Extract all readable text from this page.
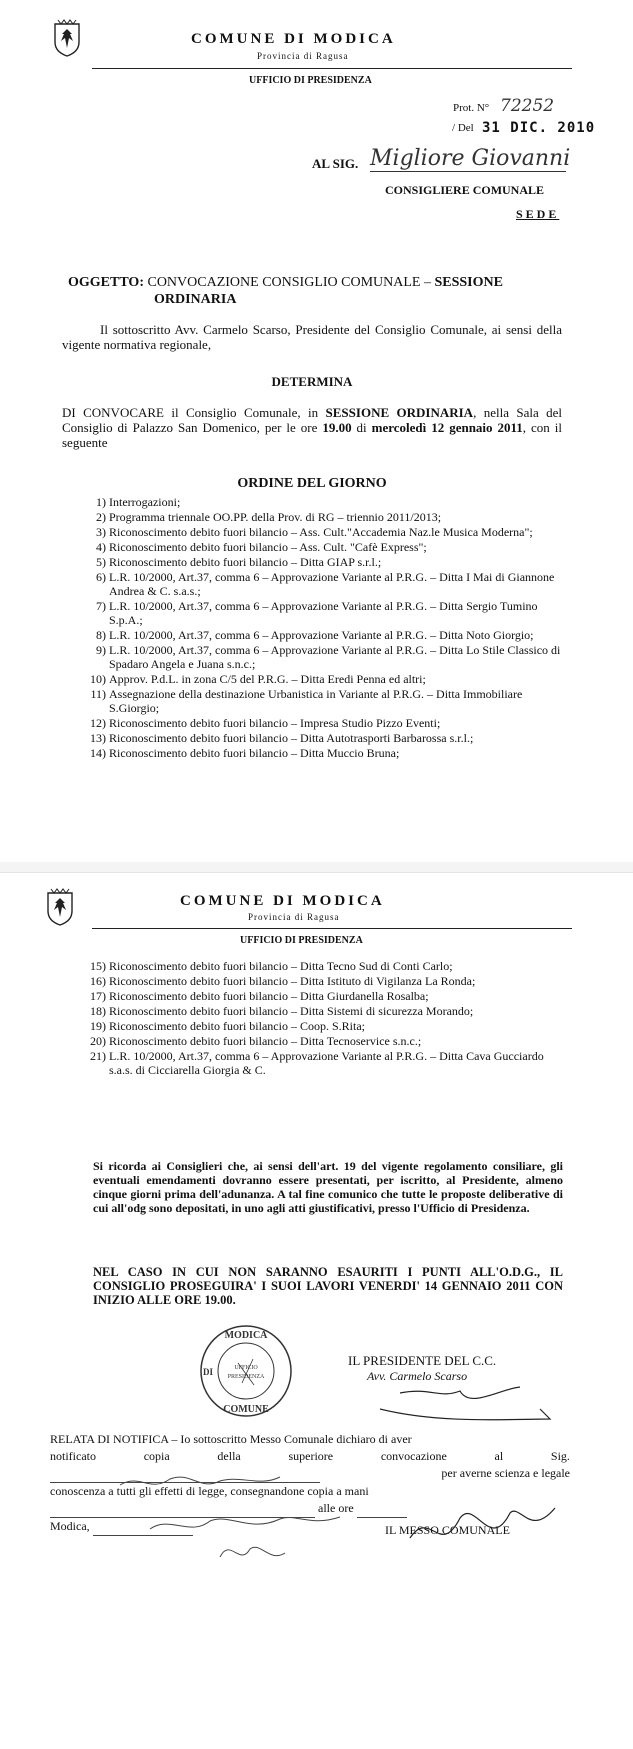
COMUNE DI MODICA
Provincia di Ragusa
UFFICIO DI PRESIDENZA
Prot. N° 72252
/ Del 31 DIC. 2010
AL SIG. Migliore Giovanni
CONSIGLIERE COMUNALE
SEDE
OGGETTO: CONVOCAZIONE CONSIGLIO COMUNALE – SESSIONE
ORDINARIA
Il sottoscritto Avv. Carmelo Scarso, Presidente del Consiglio Comunale, ai sensi della vigente normativa regionale,
DETERMINA
DI CONVOCARE il Consiglio Comunale, in SESSIONE ORDINARIA, nella Sala del Consiglio di Palazzo San Domenico, per le ore 19.00 di mercoledì 12 gennaio 2011, con il seguente
ORDINE DEL GIORNO
1) Interrogazioni;
2) Programma triennale OO.PP. della Prov. di RG – triennio 2011/2013;
3) Riconoscimento debito fuori bilancio – Ass. Cult."Accademia Naz.le Musica Moderna";
4) Riconoscimento debito fuori bilancio – Ass. Cult. "Cafè Express";
5) Riconoscimento debito fuori bilancio – Ditta GIAP s.r.l.;
6) L.R. 10/2000, Art.37, comma 6 – Approvazione Variante al P.R.G. – Ditta I Mai di Giannone Andrea & C. s.a.s.;
7) L.R. 10/2000, Art.37, comma 6 – Approvazione Variante al P.R.G. – Ditta Sergio Tumino S.p.A.;
8) L.R. 10/2000, Art.37, comma 6 – Approvazione Variante al P.R.G. – Ditta Noto Giorgio;
9) L.R. 10/2000, Art.37, comma 6 – Approvazione Variante al P.R.G. – Ditta Lo Stile Classico di Spadaro Angela e Juana s.n.c.;
10) Approv. P.d.L. in zona C/5 del P.R.G. – Ditta Eredi Penna ed altri;
11) Assegnazione della destinazione Urbanistica in Variante al P.R.G. – Ditta Immobiliare S.Giorgio;
12) Riconoscimento debito fuori bilancio – Impresa Studio Pizzo Eventi;
13) Riconoscimento debito fuori bilancio – Ditta Autotrasporti Barbarossa s.r.l.;
14) Riconoscimento debito fuori bilancio – Ditta Muccio Bruna;
COMUNE DI MODICA
Provincia di Ragusa
UFFICIO DI PRESIDENZA
15) Riconoscimento debito fuori bilancio – Ditta Tecno Sud di Conti Carlo;
16) Riconoscimento debito fuori bilancio – Ditta Istituto di Vigilanza La Ronda;
17) Riconoscimento debito fuori bilancio – Ditta Giurdanella Rosalba;
18) Riconoscimento debito fuori bilancio – Ditta Sistemi di sicurezza Morando;
19) Riconoscimento debito fuori bilancio – Coop. S.Rita;
20) Riconoscimento debito fuori bilancio – Ditta Tecnoservice s.n.c.;
21) L.R. 10/2000, Art.37, comma 6 – Approvazione Variante al P.R.G. – Ditta Cava Gucciardo s.a.s. di Cicciarella Giorgia & C.
Si ricorda ai Consiglieri che, ai sensi dell'art. 19 del vigente regolamento consiliare, gli eventuali emendamenti dovranno essere presentati, per iscritto, al Presidente, almeno cinque giorni prima dell'adunanza. A tal fine comunico che tutte le proposte deliberative di cui all'odg sono depositati, in uno agli atti giustificativi, presso l'Ufficio di Presidenza.
NEL CASO IN CUI NON SARANNO ESAURITI I PUNTI ALL'O.D.G., IL CONSIGLIO PROSEGUIRA' I SUOI LAVORI VENERDI' 14 GENNAIO 2011 CON INIZIO ALLE ORE 19.00.
MODICA
DI
COMUNE
UFFICIO
PRESIDENZA
IL PRESIDENTE DEL C.C.
Avv. Carmelo Scarso
RELATA DI NOTIFICA – Io sottoscritto Messo Comunale dichiaro di aver
notificato	copia	della	superiore	convocazione	al	Sig.

per averne scienza e legale
conoscenza a tutti gli effetti di legge, consegnandone copia a mani
alle ore
Modica,	IL MESSO COMUNALE
